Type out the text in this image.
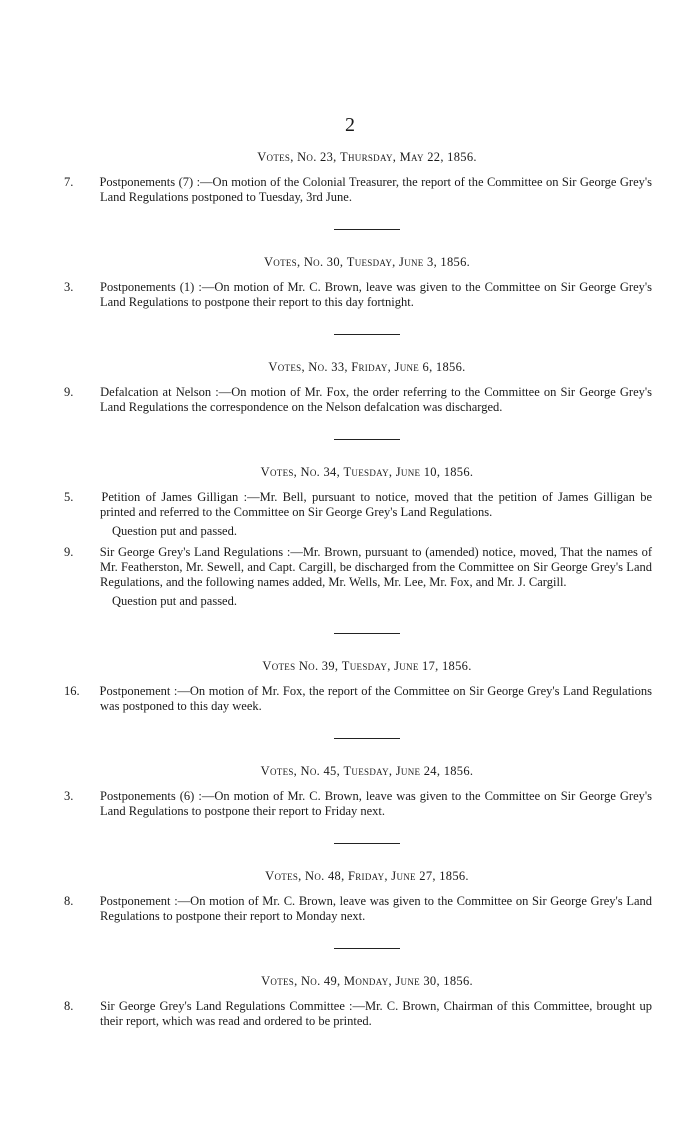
2
Votes, No. 23, Thursday, May 22, 1856.
7. Postponements (7) :—On motion of the Colonial Treasurer, the report of the Committee on Sir George Grey's Land Regulations postponed to Tuesday, 3rd June.
Votes, No. 30, Tuesday, June 3, 1856.
3. Postponements (1) :—On motion of Mr. C. Brown, leave was given to the Committee on Sir George Grey's Land Regulations to postpone their report to this day fortnight.
Votes, No. 33, Friday, June 6, 1856.
9. Defalcation at Nelson :—On motion of Mr. Fox, the order referring to the Committee on Sir George Grey's Land Regulations the correspondence on the Nelson defalcation was discharged.
Votes, No. 34, Tuesday, June 10, 1856.
5. Petition of James Gilligan :—Mr. Bell, pursuant to notice, moved that the petition of James Gilligan be printed and referred to the Committee on Sir George Grey's Land Regulations.
Question put and passed.
9. Sir George Grey's Land Regulations :—Mr. Brown, pursuant to (amended) notice, moved, That the names of Mr. Featherston, Mr. Sewell, and Capt. Cargill, be discharged from the Committee on Sir George Grey's Land Regulations, and the following names added, Mr. Wells, Mr. Lee, Mr. Fox, and Mr. J. Cargill.
Question put and passed.
Votes No. 39, Tuesday, June 17, 1856.
16. Postponement :—On motion of Mr. Fox, the report of the Committee on Sir George Grey's Land Regulations was postponed to this day week.
Votes, No. 45, Tuesday, June 24, 1856.
3. Postponements (6) :—On motion of Mr. C. Brown, leave was given to the Committee on Sir George Grey's Land Regulations to postpone their report to Friday next.
Votes, No. 48, Friday, June 27, 1856.
8. Postponement :—On motion of Mr. C. Brown, leave was given to the Committee on Sir George Grey's Land Regulations to postpone their report to Monday next.
Votes, No. 49, Monday, June 30, 1856.
8. Sir George Grey's Land Regulations Committee :—Mr. C. Brown, Chairman of this Committee, brought up their report, which was read and ordered to be printed.
